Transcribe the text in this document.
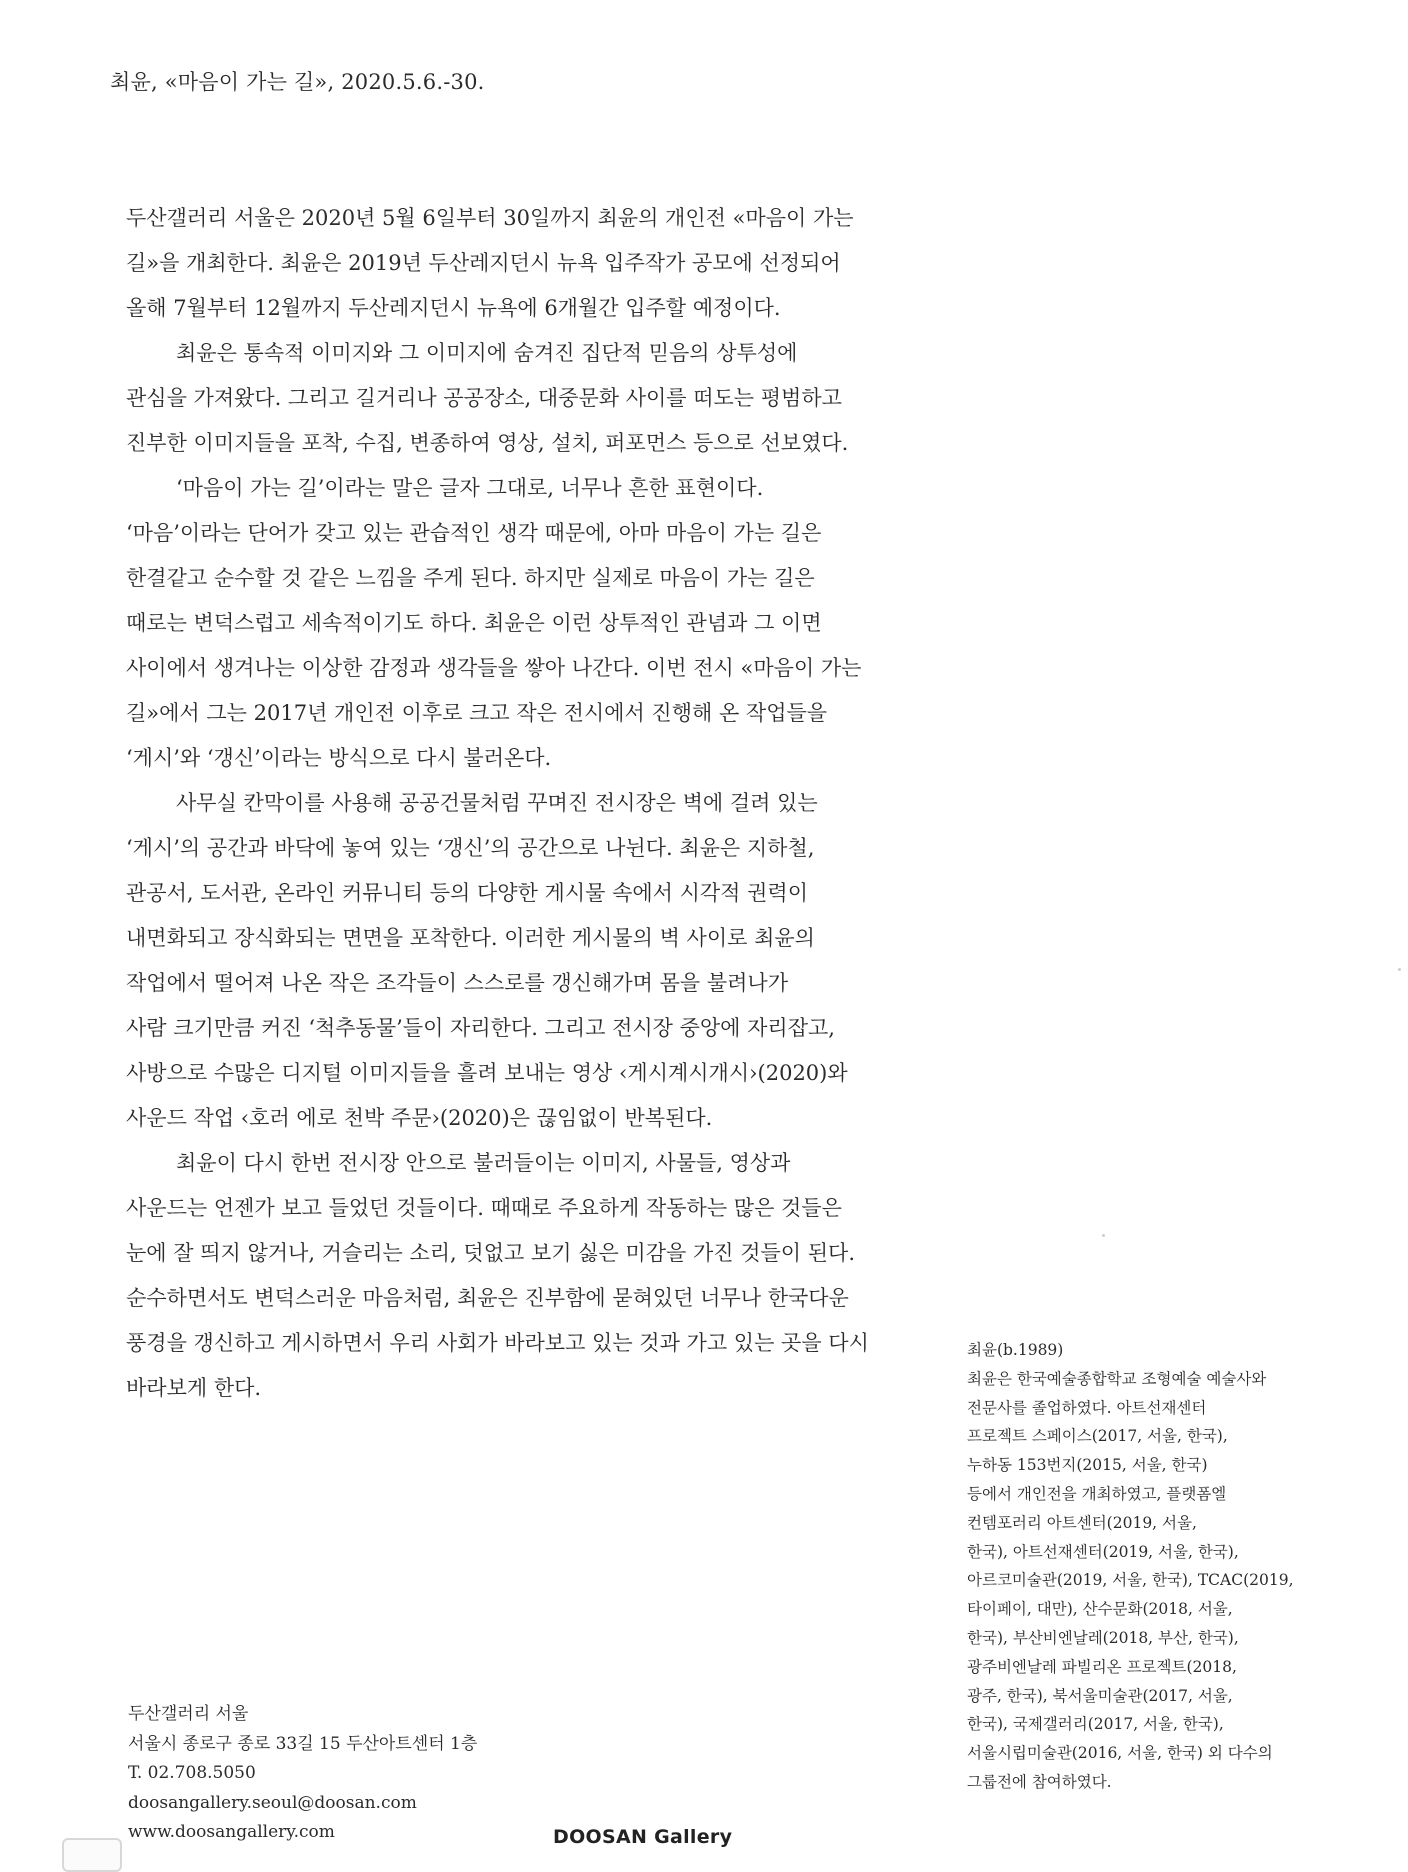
최윤, «마음이 가는 길», 2020.5.6.-30.
두산갤러리 서울은 2020년 5월 6일부터 30일까지 최윤의 개인전 «마음이 가는
길»을 개최한다. 최윤은 2019년 두산레지던시 뉴욕 입주작가 공모에 선정되어
올해 7월부터 12월까지 두산레지던시 뉴욕에 6개월간 입주할 예정이다.
최윤은 통속적 이미지와 그 이미지에 숨겨진 집단적 믿음의 상투성에
관심을 가져왔다. 그리고 길거리나 공공장소, 대중문화 사이를 떠도는 평범하고
진부한 이미지들을 포착, 수집, 변종하여 영상, 설치, 퍼포먼스 등으로 선보였다.
‘마음이 가는 길’이라는 말은 글자 그대로, 너무나 흔한 표현이다.
‘마음’이라는 단어가 갖고 있는 관습적인 생각 때문에, 아마 마음이 가는 길은
한결같고 순수할 것 같은 느낌을 주게 된다. 하지만 실제로 마음이 가는 길은
때로는 변덕스럽고 세속적이기도 하다. 최윤은 이런 상투적인 관념과 그 이면
사이에서 생겨나는 이상한 감정과 생각들을 쌓아 나간다. 이번 전시 «마음이 가는
길»에서 그는 2017년 개인전 이후로 크고 작은 전시에서 진행해 온 작업들을
‘게시’와 ‘갱신’이라는 방식으로 다시 불러온다.
사무실 칸막이를 사용해 공공건물처럼 꾸며진 전시장은 벽에 걸려 있는
‘게시’의 공간과 바닥에 놓여 있는 ‘갱신’의 공간으로 나뉜다. 최윤은 지하철,
관공서, 도서관, 온라인 커뮤니티 등의 다양한 게시물 속에서 시각적 권력이
내면화되고 장식화되는 면면을 포착한다. 이러한 게시물의 벽 사이로 최윤의
작업에서 떨어져 나온 작은 조각들이 스스로를 갱신해가며 몸을 불려나가
사람 크기만큼 커진 ‘척추동물’들이 자리한다. 그리고 전시장 중앙에 자리잡고,
사방으로 수많은 디지털 이미지들을 흘려 보내는 영상 ‹게시계시개시›(2020)와
사운드 작업 ‹호러 에로 천박 주문›(2020)은 끊임없이 반복된다.
최윤이 다시 한번 전시장 안으로 불러들이는 이미지, 사물들, 영상과
사운드는 언젠가 보고 들었던 것들이다. 때때로 주요하게 작동하는 많은 것들은
눈에 잘 띄지 않거나, 거슬리는 소리, 덧없고 보기 싫은 미감을 가진 것들이 된다.
순수하면서도 변덕스러운 마음처럼, 최윤은 진부함에 묻혀있던 너무나 한국다운
풍경을 갱신하고 게시하면서 우리 사회가 바라보고 있는 것과 가고 있는 곳을 다시
바라보게 한다.
최윤(b.1989)
최윤은 한국예술종합학교 조형예술 예술사와
전문사를 졸업하였다. 아트선재센터
프로젝트 스페이스(2017, 서울, 한국),
누하동 153번지(2015, 서울, 한국)
등에서 개인전을 개최하였고, 플랫폼엘
컨템포러리 아트센터(2019, 서울,
한국), 아트선재센터(2019, 서울, 한국),
아르코미술관(2019, 서울, 한국), TCAC(2019,
타이페이, 대만), 산수문화(2018, 서울,
한국), 부산비엔날레(2018, 부산, 한국),
광주비엔날레 파빌리온 프로젝트(2018,
광주, 한국), 북서울미술관(2017, 서울,
한국), 국제갤러리(2017, 서울, 한국),
서울시립미술관(2016, 서울, 한국) 외 다수의
그룹전에 참여하였다.
두산갤러리 서울
서울시 종로구 종로 33길 15 두산아트센터 1층
T. 02.708.5050
doosangallery.seoul@doosan.com
www.doosangallery.com	DOOSAN Gallery
